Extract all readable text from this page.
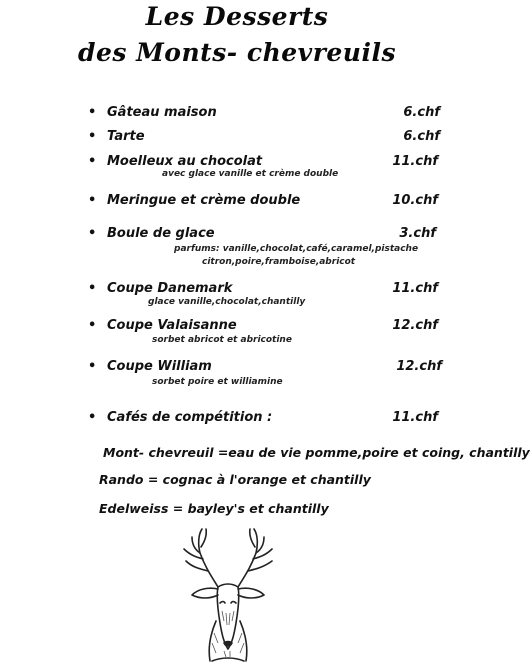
Les Desserts
des Monts- chevreuils
• Gâteau maison	6.chf
• Tarte	6.chf
• Moelleux au chocolat	11.chf
avec glace vanille et crème double
• Meringue et crème double	10.chf
• Boule de glace	3.chf
parfums: vanille,chocolat,café,caramel,pistache
citron,poire,framboise,abricot
• Coupe Danemark	11.chf
glace vanille,chocolat,chantilly
• Coupe Valaisanne	12.chf
sorbet abricot et abricotine
• Coupe William	12.chf
sorbet poire et williamine
• Cafés de compétition :	11.chf
Mont- chevreuil =eau de vie pomme,poire et coing, chantilly
Rando = cognac à l'orange et chantilly
Edelweiss = bayley's et chantilly
